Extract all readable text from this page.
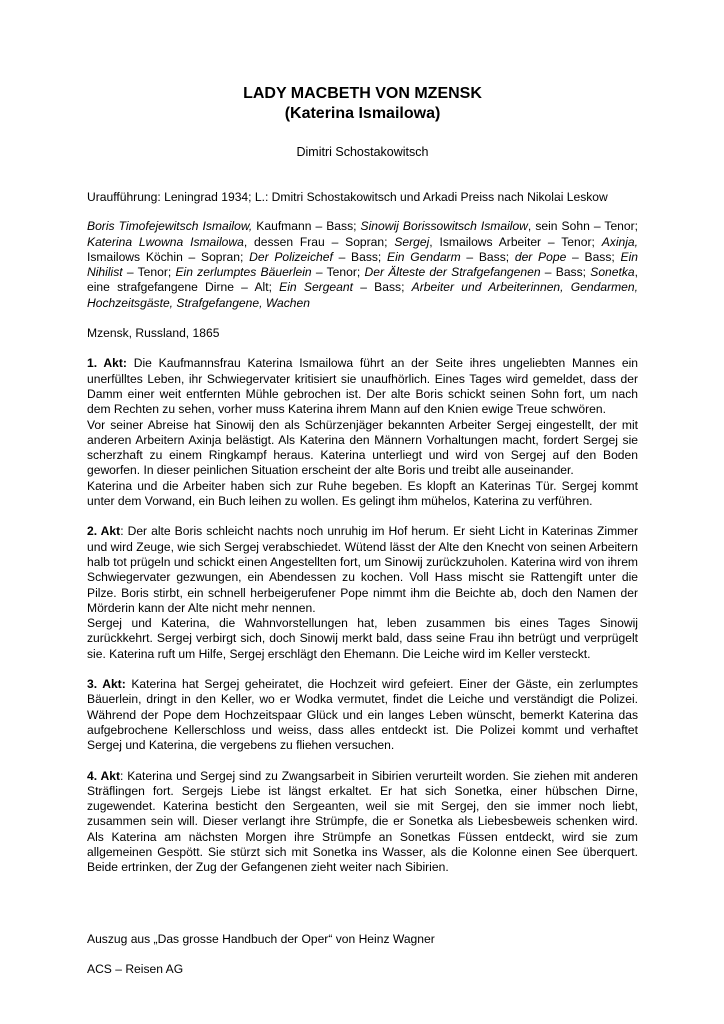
LADY MACBETH VON MZENSK
(Katerina Ismailowa)
Dimitri Schostakowitsch

Uraufführung: Leningrad 1934; L.: Dmitri Schostakowitsch und Arkadi Preiss nach Nikolai Leskow

Boris Timofejewitsch Ismailow, Kaufmann – Bass; Sinowij Borissowitsch Ismailow, sein Sohn – Tenor; Katerina Lwowna Ismailowa, dessen Frau – Sopran; Sergej, Ismailows Arbeiter – Tenor; Axinja, Ismailows Köchin – Sopran; Der Polizeichef – Bass; Ein Gendarm – Bass; der Pope – Bass; Ein Nihilist – Tenor; Ein zerlumptes Bäuerlein – Tenor; Der Älteste der Strafgefangenen – Bass; Sonetka, eine strafgefangene Dirne – Alt; Ein Sergeant – Bass; Arbeiter und Arbeiterinnen, Gendarmen, Hochzeitsgäste, Strafgefangene, Wachen

Mzensk, Russland, 1865

1. Akt: Die Kaufmannsfrau Katerina Ismailowa führt an der Seite ihres ungeliebten Mannes ein unerfülltes Leben, ihr Schwiegervater kritisiert sie unaufhörlich. Eines Tages wird gemeldet, dass der Damm einer weit entfernten Mühle gebrochen ist. Der alte Boris schickt seinen Sohn fort, um nach dem Rechten zu sehen, vorher muss Katerina ihrem Mann auf den Knien ewige Treue schwören.

Vor seiner Abreise hat Sinowij den als Schürzenjäger bekannten Arbeiter Sergej eingestellt, der mit anderen Arbeitern Axinja belästigt. Als Katerina den Männern Vorhaltungen macht, fordert Sergej sie scherzhaft zu einem Ringkampf heraus. Katerina unterliegt und wird von Sergej auf den Boden geworfen. In dieser peinlichen Situation erscheint der alte Boris und treibt alle auseinander.

Katerina und die Arbeiter haben sich zur Ruhe begeben. Es klopft an Katerinas Tür. Sergej kommt unter dem Vorwand, ein Buch leihen zu wollen. Es gelingt ihm mühelos, Katerina zu verführen.

2. Akt: Der alte Boris schleicht nachts noch unruhig im Hof herum. Er sieht Licht in Katerinas Zimmer und wird Zeuge, wie sich Sergej verabschiedet. Wütend lässt der Alte den Knecht von seinen Arbeitern halb tot prügeln und schickt einen Angestellten fort, um Sinowij zurückzuholen. Katerina wird von ihrem Schwiegervater gezwungen, ein Abendessen zu kochen. Voll Hass mischt sie Rattengift unter die Pilze. Boris stirbt, ein schnell herbeigerufener Pope nimmt ihm die Beichte ab, doch den Namen der Mörderin kann der Alte nicht mehr nennen.

Sergej und Katerina, die Wahnvorstellungen hat, leben zusammen bis eines Tages Sinowij zurückkehrt. Sergej verbirgt sich, doch Sinowij merkt bald, dass seine Frau ihn betrügt und verprügelt sie. Katerina ruft um Hilfe, Sergej erschlägt den Ehemann. Die Leiche wird im Keller versteckt.

3. Akt: Katerina hat Sergej geheiratet, die Hochzeit wird gefeiert. Einer der Gäste, ein zerlumptes Bäuerlein, dringt in den Keller, wo er Wodka vermutet, findet die Leiche und verständigt die Polizei. Während der Pope dem Hochzeitspaar Glück und ein langes Leben wünscht, bemerkt Katerina das aufgebrochene Kellerschloss und weiss, dass alles entdeckt ist. Die Polizei kommt und verhaftet Sergej und Katerina, die vergebens zu fliehen versuchen.

4. Akt: Katerina und Sergej sind zu Zwangsarbeit in Sibirien verurteilt worden. Sie ziehen mit anderen Sträflingen fort. Sergejs Liebe ist längst erkaltet. Er hat sich Sonetka, einer hübschen Dirne, zugewendet. Katerina besticht den Sergeanten, weil sie mit Sergej, den sie immer noch liebt, zusammen sein will. Dieser verlangt ihre Strümpfe, die er Sonetka als Liebesbeweis schenken wird. Als Katerina am nächsten Morgen ihre Strümpfe an Sonetkas Füssen entdeckt, wird sie zum allgemeinen Gespött. Sie stürzt sich mit Sonetka ins Wasser, als die Kolonne einen See überquert. Beide ertrinken, der Zug der Gefangenen zieht weiter nach Sibirien.

Auszug aus „Das grosse Handbuch der Oper“ von Heinz Wagner

ACS – Reisen AG
